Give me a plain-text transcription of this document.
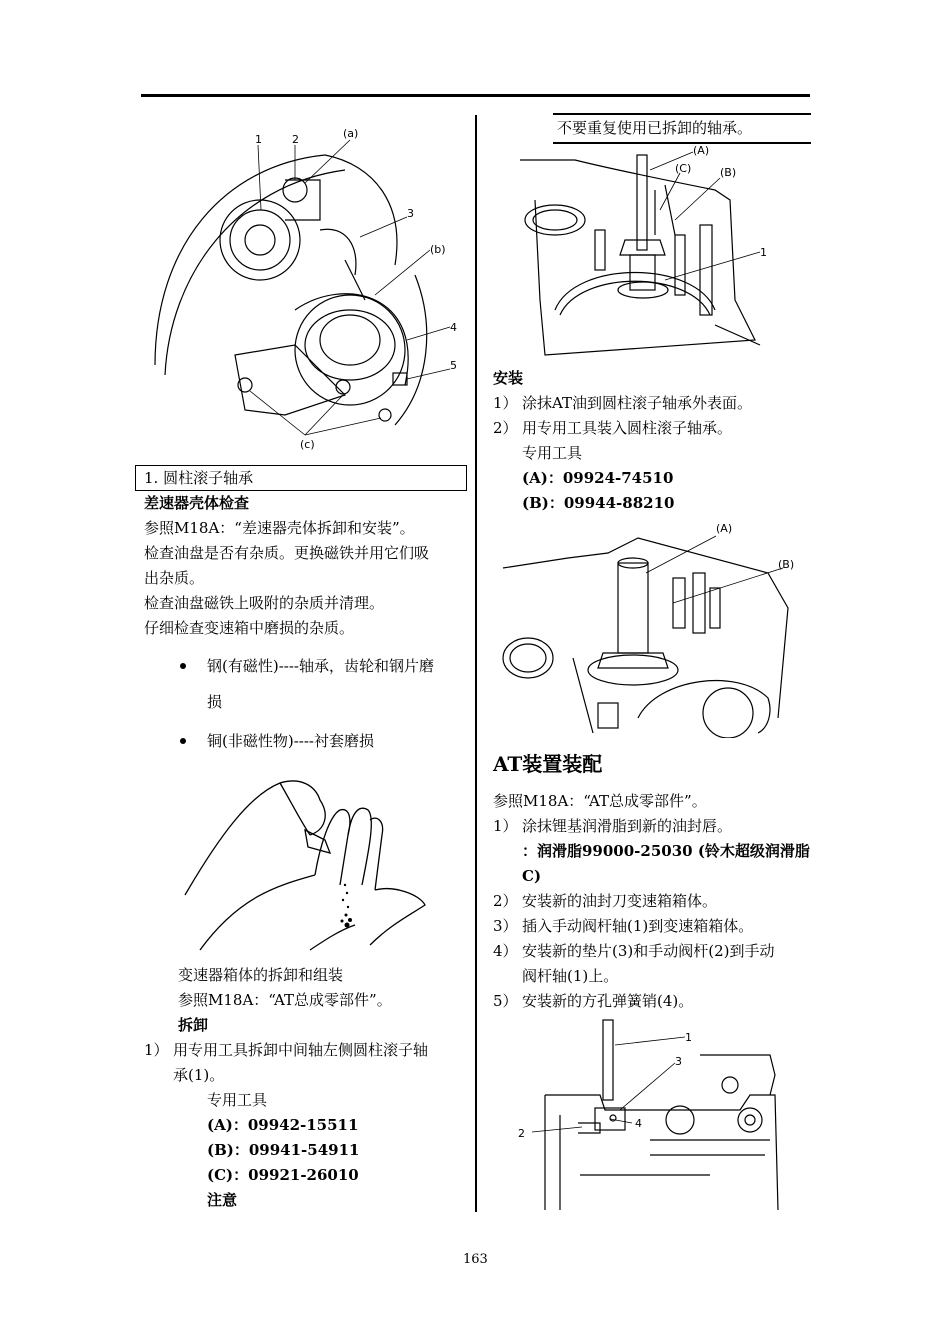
1	2	(a)
3
(b)
4
5
(c)
1. 圆柱滚子轴承
差速器壳体检查
参照M18A：“差速器壳体拆卸和安装”。
检查油盘是否有杂质。更换磁铁并用它们吸
出杂质。
检查油盘磁铁上吸附的杂质并清理。
仔细检查变速箱中磨损的杂质。
钢(有磁性)----轴承，齿轮和钢片磨
损
铜(非磁性物)----衬套磨损
变速器箱体的拆卸和组装
参照M18A：“AT总成零部件”。
拆卸
1） 用专用工具拆卸中间轴左侧圆柱滚子轴
承(1)。
专用工具
(A)：09942-15511
(B)：09941-54911
(C)：09921-26010
注意
不要重复使用已拆卸的轴承。
(A)
(C)	(B)
1
安装
1） 涂抹AT油到圆柱滚子轴承外表面。
2） 用专用工具装入圆柱滚子轴承。
专用工具
(A)：09924-74510
(B)：09944-88210
(A)
(B)
AT装置装配
参照M18A：“AT总成零部件”。
1） 涂抹锂基润滑脂到新的油封唇。
：润滑脂99000-25030 (铃木超级润滑脂
C)
2） 安装新的油封刀变速箱箱体。
3） 插入手动阀杆轴(1)到变速箱箱体。
4） 安装新的垫片(3)和手动阀杆(2)到手动
阀杆轴(1)上。
5） 安装新的方孔弹簧销(4)。
1
3
2
4
163
